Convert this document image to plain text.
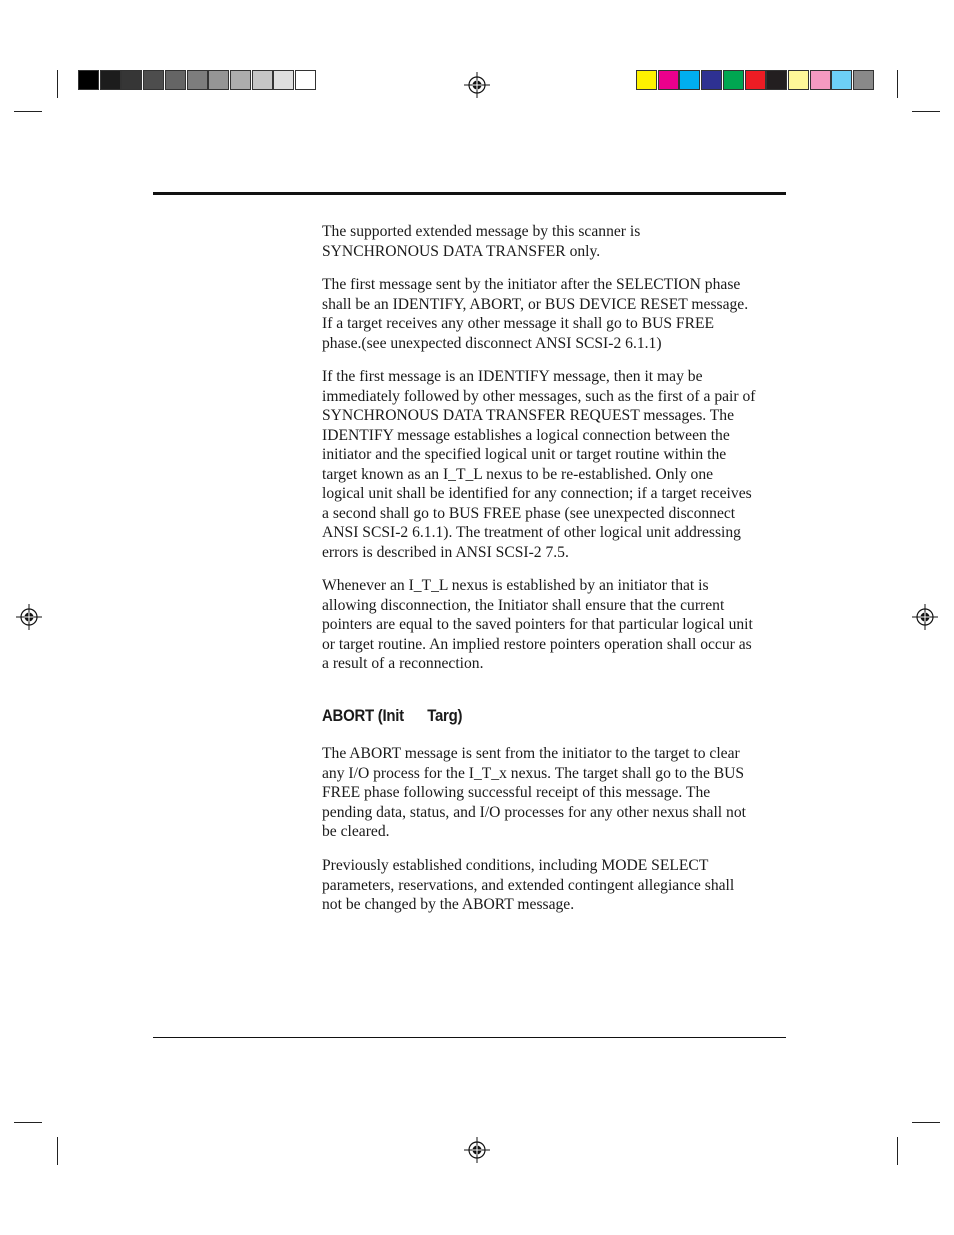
The supported extended message by this scanner is
SYNCHRONOUS DATA TRANSFER only.

The first message sent by the initiator after the SELECTION phase
shall be an IDENTIFY, ABORT, or BUS DEVICE RESET message.
If a target receives any other message it shall go to BUS FREE
phase.(see unexpected disconnect ANSI SCSI-2 6.1.1)

If the first message is an IDENTIFY message, then it may be
immediately followed by other messages, such as the first of a pair of
SYNCHRONOUS DATA TRANSFER REQUEST messages. The
IDENTIFY message establishes a logical connection between the
initiator and the specified logical unit or target routine within the
target known as an I_T_L nexus to be re-established. Only one
logical unit shall be identified for any connection; if a target receives
a second shall go to BUS FREE phase (see unexpected disconnect
ANSI SCSI-2 6.1.1). The treatment of other logical unit addressing
errors is described in ANSI SCSI-2 7.5.

Whenever an I_T_L nexus is established by an initiator that is
allowing disconnection, the Initiator shall ensure that the current
pointers are equal to the saved pointers for that particular logical unit
or target routine. An implied restore pointers operation shall occur as
a result of a reconnection.

ABORT (Init      Targ)

The ABORT message is sent from the initiator to the target to clear
any I/O process for the I_T_x nexus. The target shall go to the BUS
FREE phase following successful receipt of this message. The
pending data, status, and I/O processes for any other nexus shall not
be cleared.

Previously established conditions, including MODE SELECT
parameters, reservations, and extended contingent allegiance shall
not be changed by the ABORT message.
